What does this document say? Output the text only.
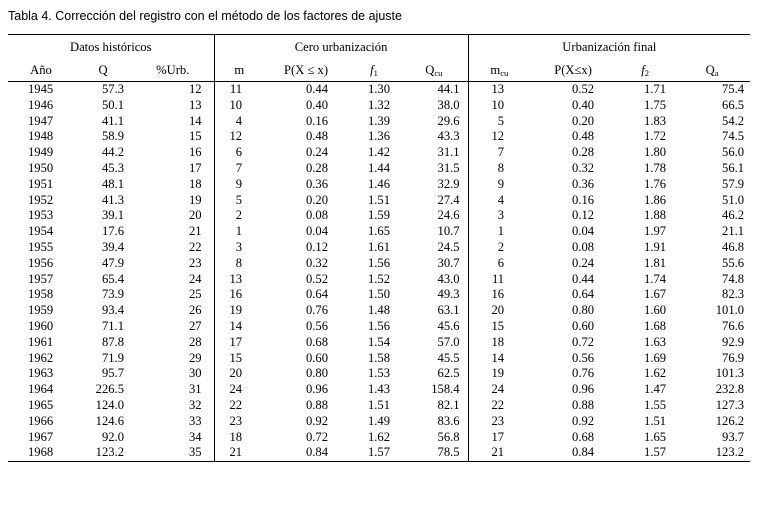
Tabla 4. Corrección del registro con el método de los factores de ajuste
Datos históricos			Cero urbanización				Urbanización final			
Año	Q	%Urb.	m	P(X ≤ x)	$f_1$	$Q_{cu}$	$m_{cu}$	P(X≤x)	$f_2$	$Q_a$
1945	57.3	12	11	0.44	1.30	44.1	13	0.52	1.71	75.4
1946	50.1	13	10	0.40	1.32	38.0	10	0.40	1.75	66.5
1947	41.1	14	4	0.16	1.39	29.6	5	0.20	1.83	54.2
1948	58.9	15	12	0.48	1.36	43.3	12	0.48	1.72	74.5
1949	44.2	16	6	0.24	1.42	31.1	7	0.28	1.80	56.0
1950	45.3	17	7	0.28	1.44	31.5	8	0.32	1.78	56.1
1951	48.1	18	9	0.36	1.46	32.9	9	0.36	1.76	57.9
1952	41.3	19	5	0.20	1.51	27.4	4	0.16	1.86	51.0
1953	39.1	20	2	0.08	1.59	24.6	3	0.12	1.88	46.2
1954	17.6	21	1	0.04	1.65	10.7	1	0.04	1.97	21.1
1955	39.4	22	3	0.12	1.61	24.5	2	0.08	1.91	46.8
1956	47.9	23	8	0.32	1.56	30.7	6	0.24	1.81	55.6
1957	65.4	24	13	0.52	1.52	43.0	11	0.44	1.74	74.8
1958	73.9	25	16	0.64	1.50	49.3	16	0.64	1.67	82.3
1959	93.4	26	19	0.76	1.48	63.1	20	0.80	1.60	101.0
1960	71.1	27	14	0.56	1.56	45.6	15	0.60	1.68	76.6
1961	87.8	28	17	0.68	1.54	57.0	18	0.72	1.63	92.9
1962	71.9	29	15	0.60	1.58	45.5	14	0.56	1.69	76.9
1963	95.7	30	20	0.80	1.53	62.5	19	0.76	1.62	101.3
1964	226.5	31	24	0.96	1.43	158.4	24	0.96	1.47	232.8
1965	124.0	32	22	0.88	1.51	82.1	22	0.88	1.55	127.3
1966	124.6	33	23	0.92	1.49	83.6	23	0.92	1.51	126.2
1967	92.0	34	18	0.72	1.62	56.8	17	0.68	1.65	93.7
1968	123.2	35	21	0.84	1.57	78.5	21	0.84	1.57	123.2
